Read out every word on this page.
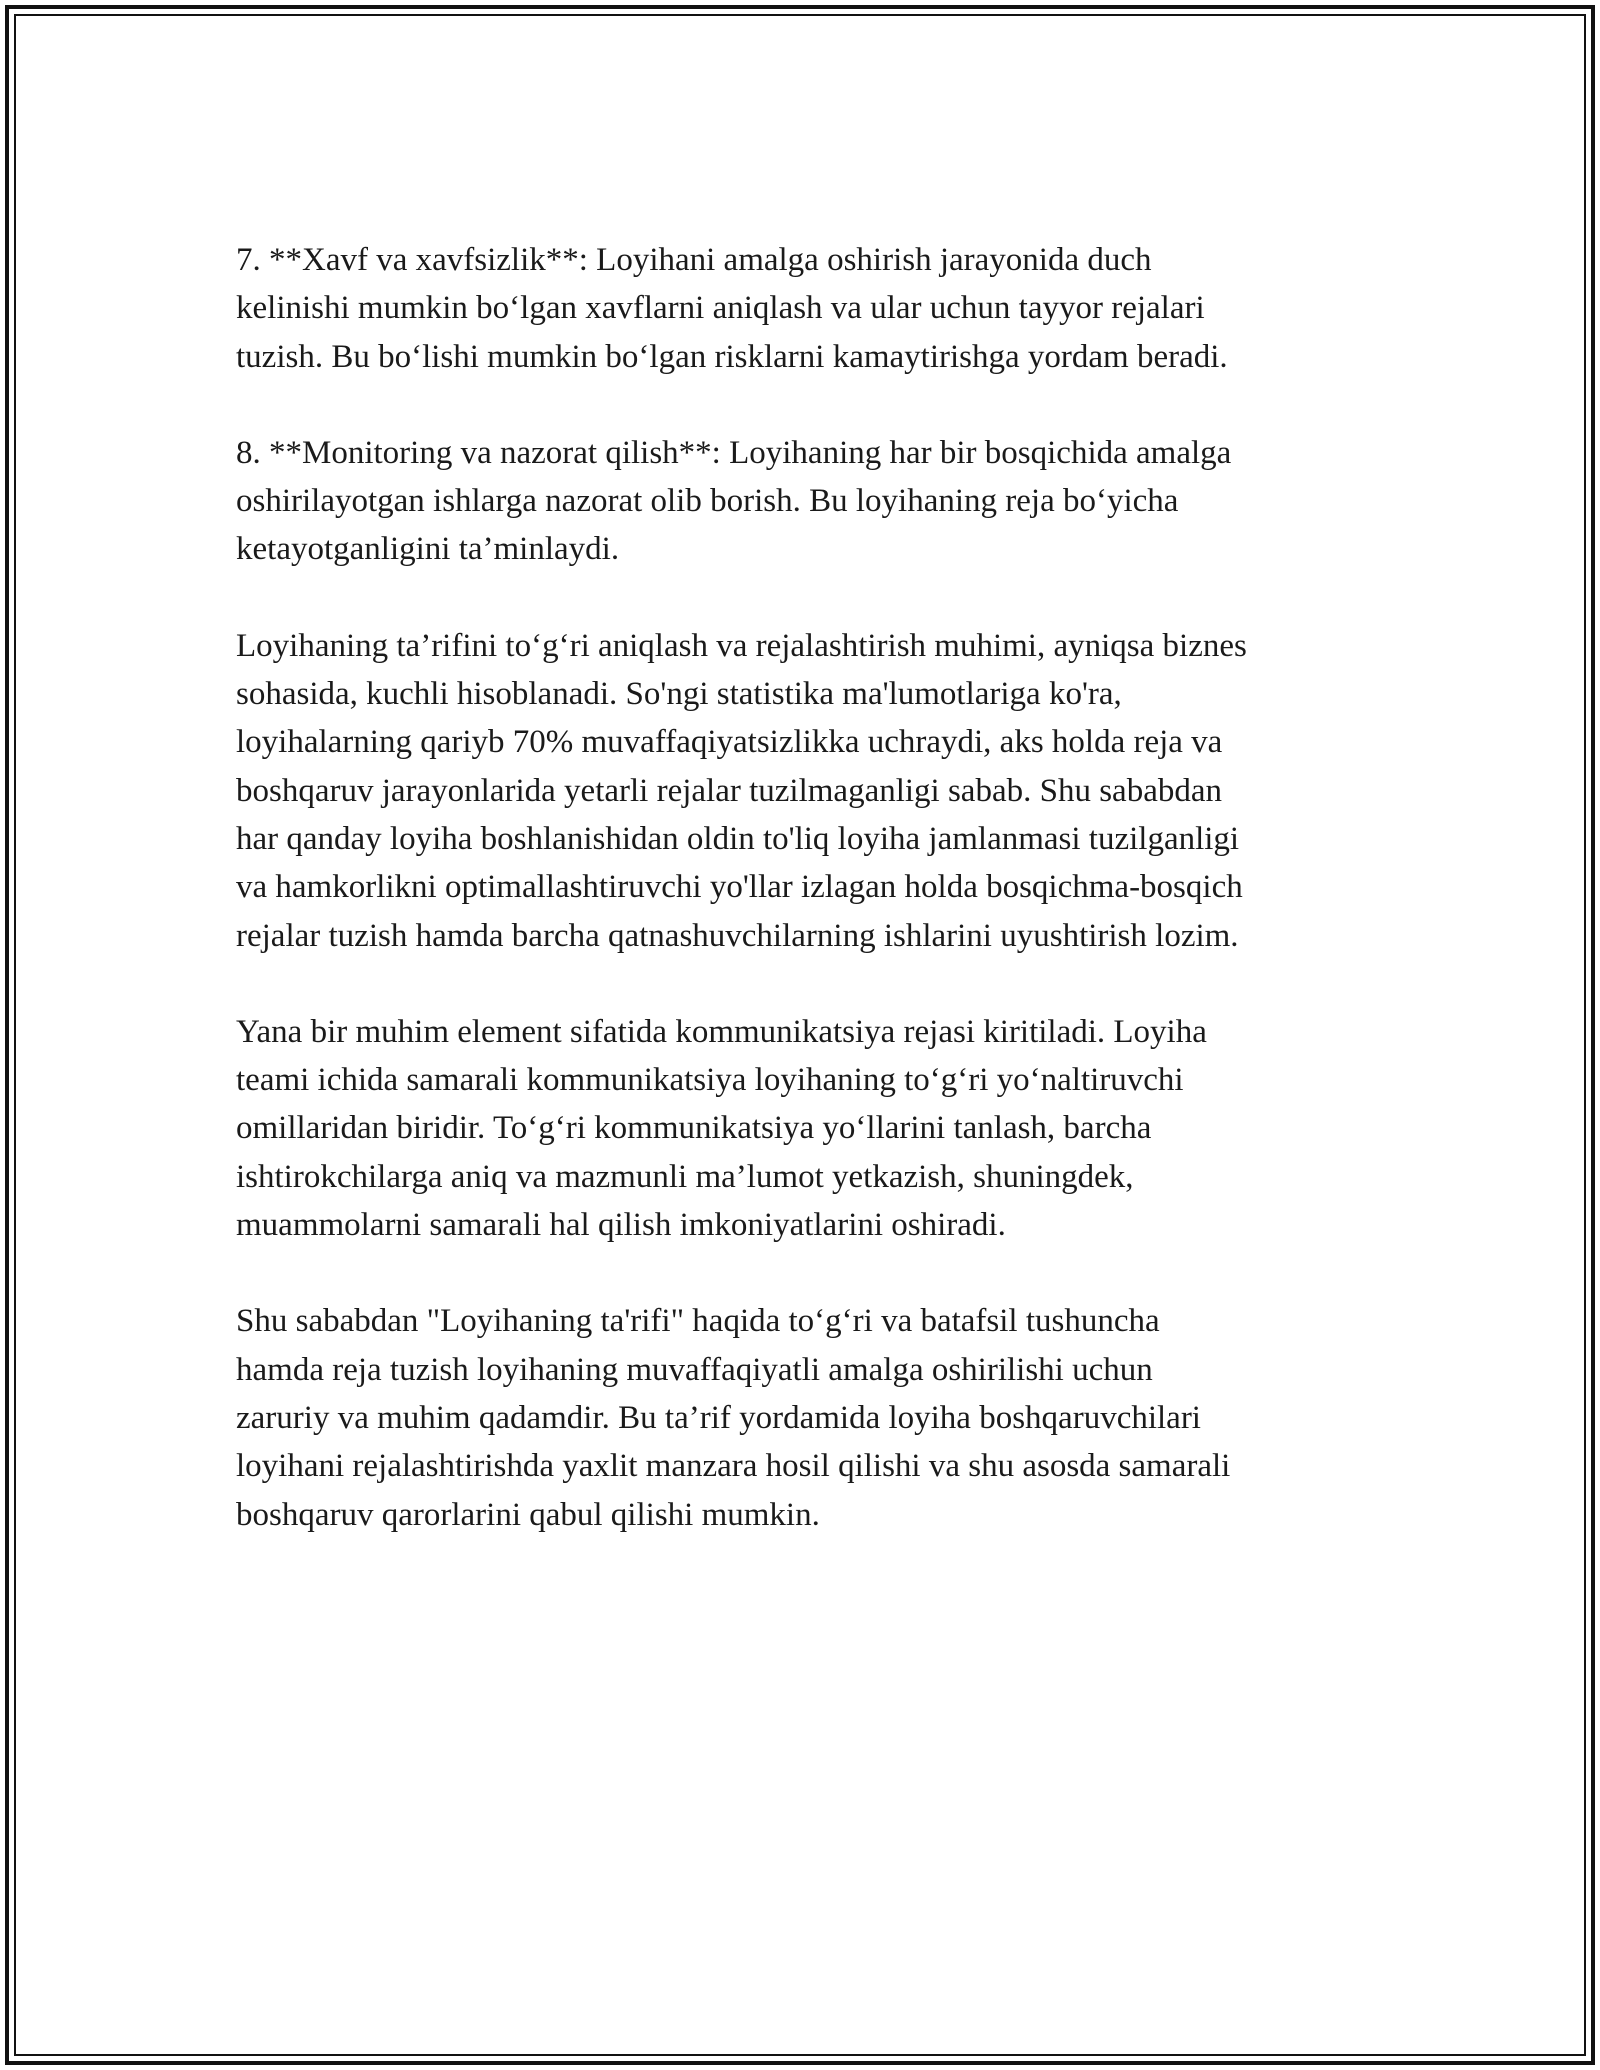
7. **Xavf va xavfsizlik**: Loyihani amalga oshirish jarayonida duch
kelinishi mumkin bo‘lgan xavflarni aniqlash va ular uchun tayyor rejalari
tuzish. Bu bo‘lishi mumkin bo‘lgan risklarni kamaytirishga yordam beradi.

8. **Monitoring va nazorat qilish**: Loyihaning har bir bosqichida amalga
oshirilayotgan ishlarga nazorat olib borish. Bu loyihaning reja bo‘yicha
ketayotganligini ta’minlaydi.

Loyihaning ta’rifini to‘g‘ri aniqlash va rejalashtirish muhimi, ayniqsa biznes
sohasida, kuchli hisoblanadi. So'ngi statistika ma'lumotlariga ko'ra,
loyihalarning qariyb 70% muvaffaqiyatsizlikka uchraydi, aks holda reja va
boshqaruv jarayonlarida yetarli rejalar tuzilmaganligi sabab. Shu sababdan
har qanday loyiha boshlanishidan oldin to'liq loyiha jamlanmasi tuzilganligi
va hamkorlikni optimallashtiruvchi yo'llar izlagan holda bosqichma-bosqich
rejalar tuzish hamda barcha qatnashuvchilarning ishlarini uyushtirish lozim.

Yana bir muhim element sifatida kommunikatsiya rejasi kiritiladi. Loyiha
teami ichida samarali kommunikatsiya loyihaning to‘g‘ri yo‘naltiruvchi
omillaridan biridir. To‘g‘ri kommunikatsiya yo‘llarini tanlash, barcha
ishtirokchilarga aniq va mazmunli ma’lumot yetkazish, shuningdek,
muammolarni samarali hal qilish imkoniyatlarini oshiradi.

Shu sababdan "Loyihaning ta'rifi" haqida to‘g‘ri va batafsil tushuncha
hamda reja tuzish loyihaning muvaffaqiyatli amalga oshirilishi uchun
zaruriy va muhim qadamdir. Bu ta’rif yordamida loyiha boshqaruvchilari
loyihani rejalashtirishda yaxlit manzara hosil qilishi va shu asosda samarali
boshqaruv qarorlarini qabul qilishi mumkin.
